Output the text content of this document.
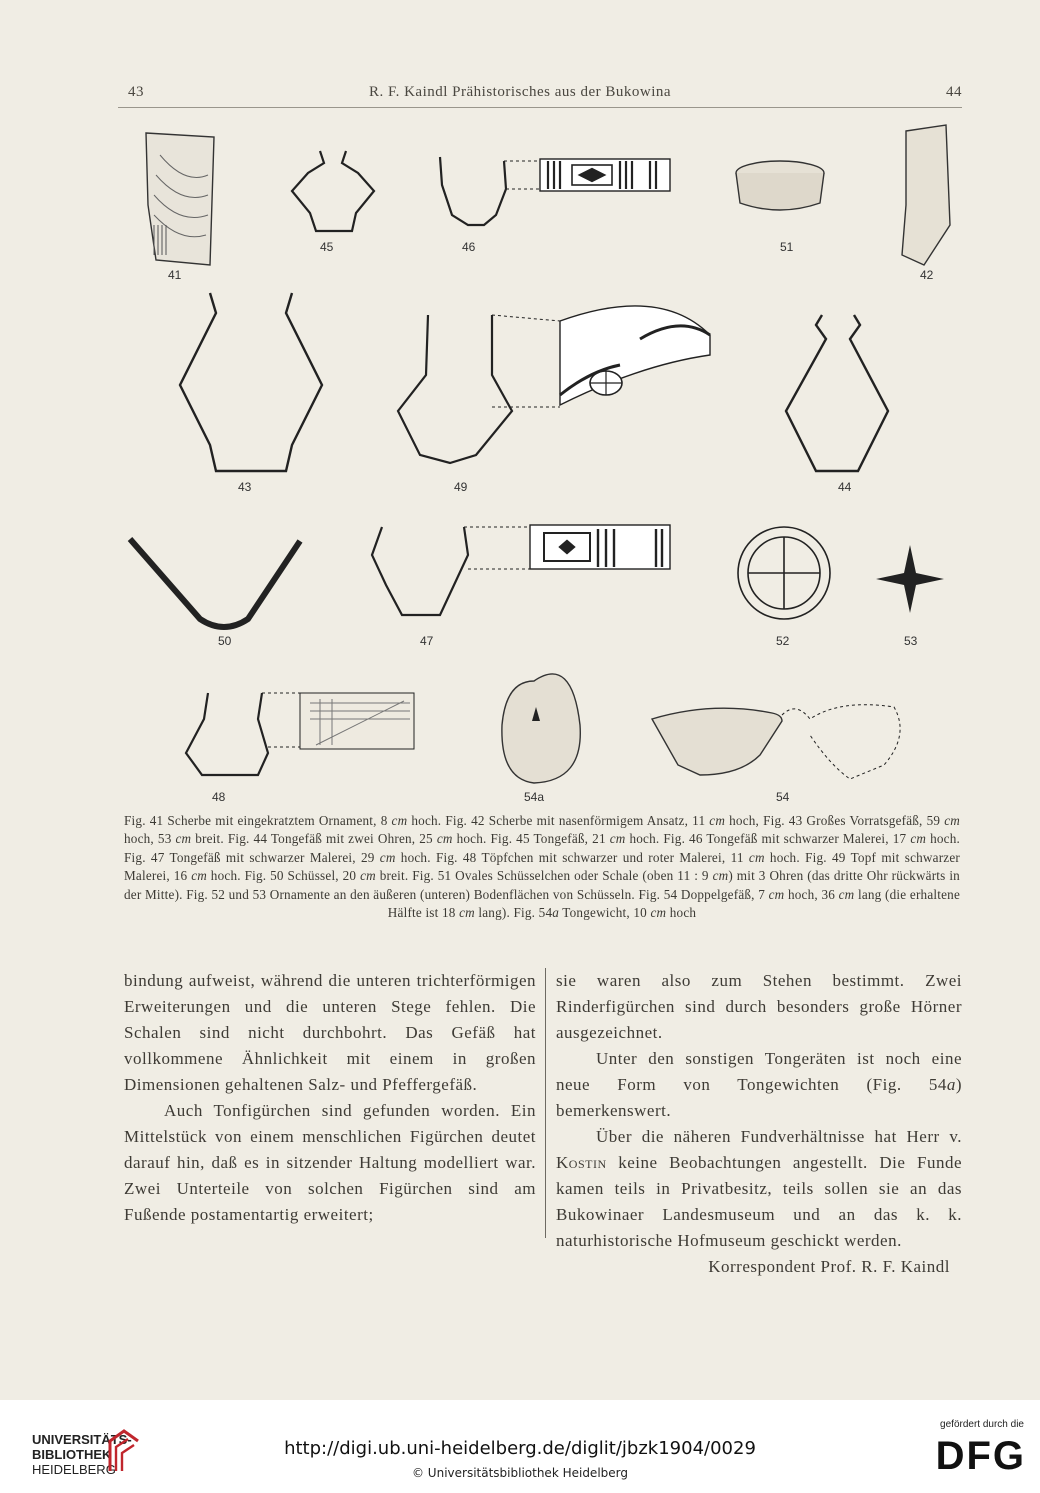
43	R. F. Kaindl Prähistorisches aus der Bukowina	44
41
45	46	51
42
43	49	44
50	47	52	53
48	54a	54
Fig. 41 Scherbe mit eingekratztem Ornament, 8 cm hoch. Fig. 42 Scherbe mit nasenförmigem Ansatz, 11 cm hoch, Fig. 43 Großes Vorratsgefäß, 59 cm hoch, 53 cm breit. Fig. 44 Tongefäß mit zwei Ohren, 25 cm hoch. Fig. 45 Tongefäß, 21 cm hoch. Fig. 46 Tongefäß mit schwarzer Malerei, 17 cm hoch. Fig. 47 Tongefäß mit schwarzer Malerei, 29 cm hoch. Fig. 48 Töpfchen mit schwarzer und roter Malerei, 11 cm hoch. Fig. 49 Topf mit schwarzer Malerei, 16 cm hoch. Fig. 50 Schüssel, 20 cm breit. Fig. 51 Ovales Schüsselchen oder Schale (oben 11 : 9 cm) mit 3 Ohren (das dritte Ohr rückwärts in der Mitte). Fig. 52 und 53 Ornamente an den äußeren (unteren) Bodenflächen von Schüsseln. Fig. 54 Doppelgefäß, 7 cm hoch, 36 cm lang (die erhaltene Hälfte ist 18 cm lang). Fig. 54a Tongewicht, 10 cm hoch

bindung aufweist, während die unteren trichterförmigen Erweiterungen und die unteren Stege fehlen. Die Schalen sind nicht durchbohrt. Das Gefäß hat vollkommene Ähnlichkeit mit einem in großen Dimensionen gehaltenen Salz- und Pfeffergefäß.

Auch Tonfigürchen sind gefunden worden. Ein Mittelstück von einem menschlichen Figürchen deutet darauf hin, daß es in sitzender Haltung modelliert war. Zwei Unterteile von solchen Figürchen sind am Fußende postamentartig erweitert;

sie waren also zum Stehen bestimmt. Zwei Rinderfigürchen sind durch besonders große Hörner ausgezeichnet.

Unter den sonstigen Tongeräten ist noch eine neue Form von Tongewichten (Fig. 54a) bemerkenswert.

Über die näheren Fundverhältnisse hat Herr v. Kostin keine Beobachtungen angestellt. Die Funde kamen teils in Privatbesitz, teils sollen sie an das Bukowinaer Landesmuseum und an das k. k. naturhistorische Hofmuseum geschickt werden.

Korrespondent Prof. R. F. Kaindl

UNIVERSITÄTS-
BIBLIOTHEK
HEIDELBERG
http://digi.ub.uni-heidelberg.de/diglit/jbzk1904/0029
© Universitätsbibliothek Heidelberg
gefördert durch die
DFG
